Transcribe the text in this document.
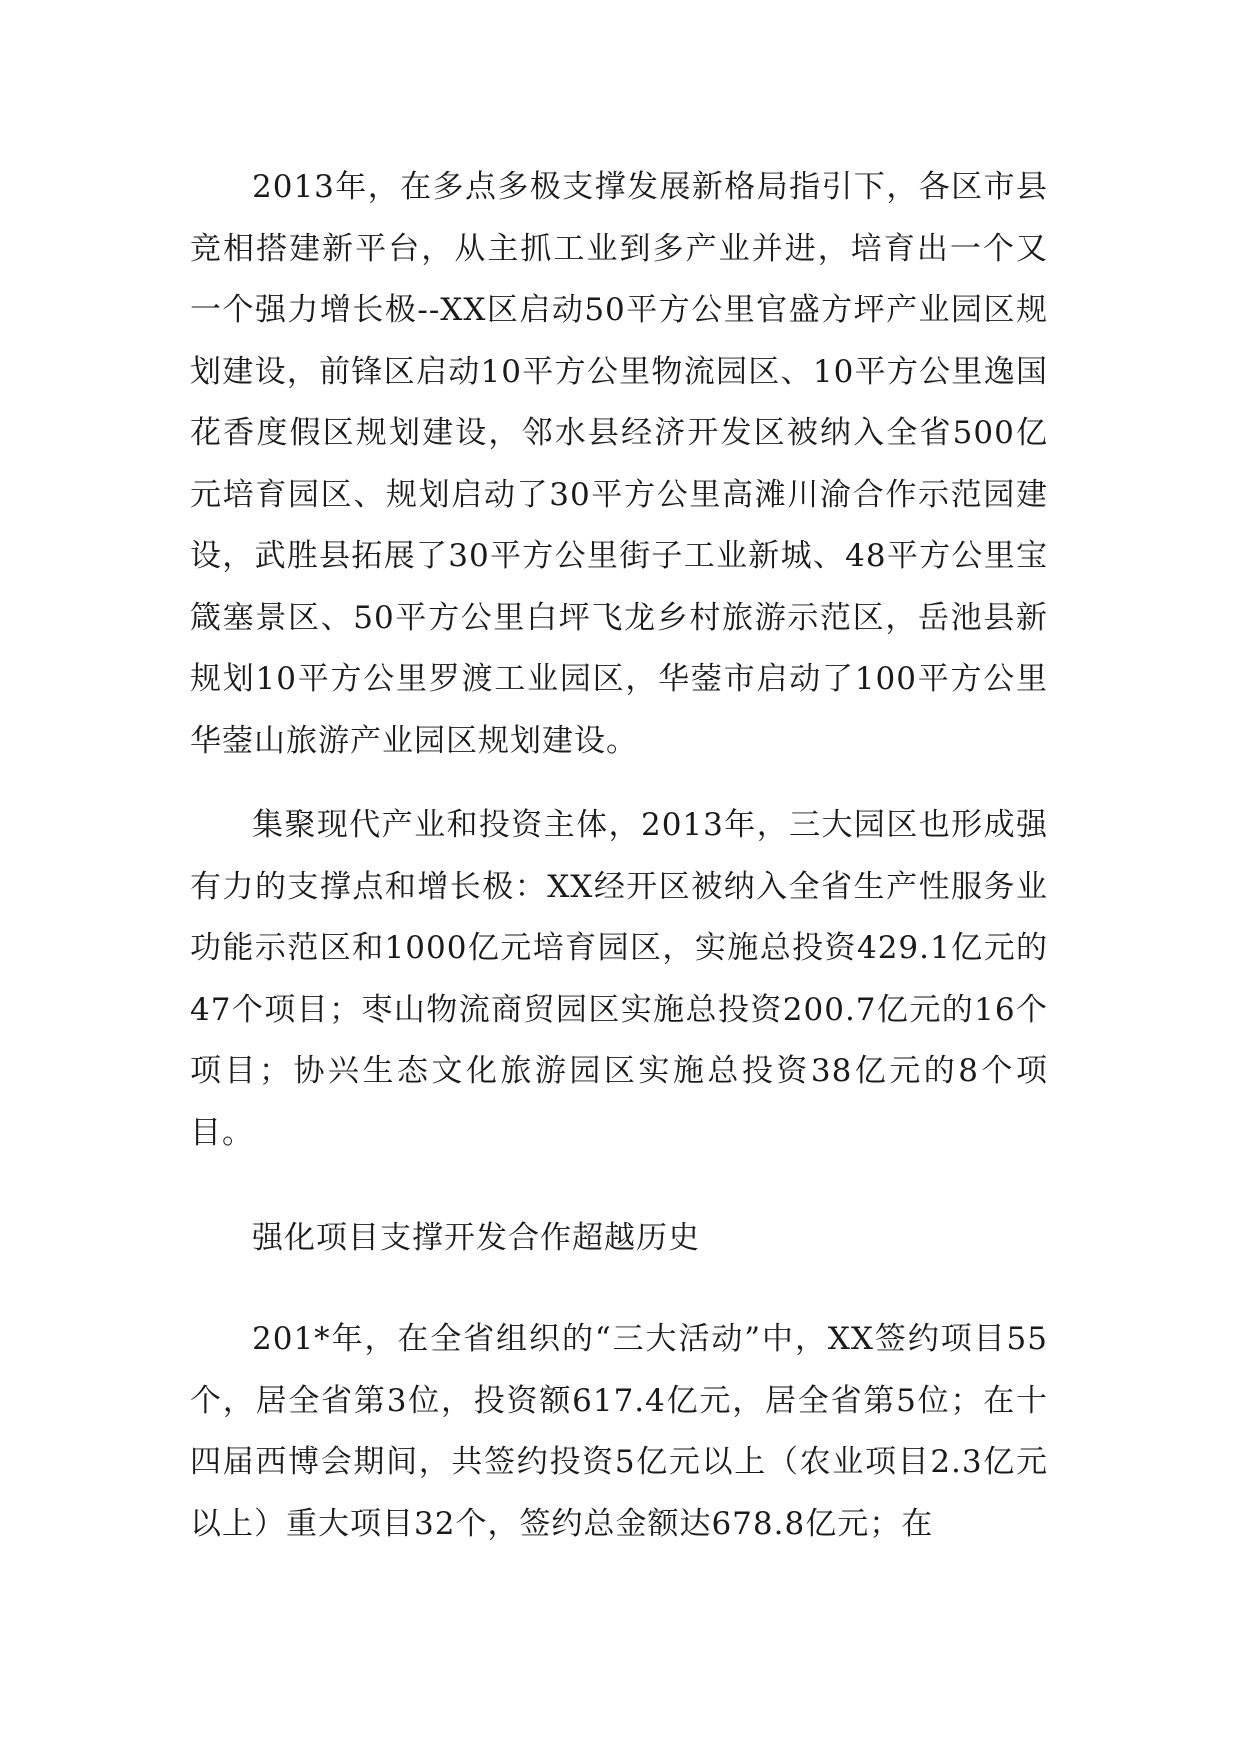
2013年，在多点多极支撑发展新格局指引下，各区市县竞相搭建新平台，从主抓工业到多产业并进，培育出一个又一个强力增长极--XX区启动50平方公里官盛方坪产业园区规划建设，前锋区启动10平方公里物流园区、10平方公里逸国花香度假区规划建设，邻水县经济开发区被纳入全省500亿元培育园区、规划启动了30平方公里高滩川渝合作示范园建设，武胜县拓展了30平方公里街子工业新城、48平方公里宝箴塞景区、50平方公里白坪飞龙乡村旅游示范区，岳池县新规划10平方公里罗渡工业园区，华蓥市启动了100平方公里华蓥山旅游产业园区规划建设。

集聚现代产业和投资主体，2013年，三大园区也形成强有力的支撑点和增长极：XX经开区被纳入全省生产性服务业功能示范区和1000亿元培育园区，实施总投资429.1亿元的47个项目；枣山物流商贸园区实施总投资200.7亿元的16个项目；协兴生态文化旅游园区实施总投资38亿元的8个项目。

强化项目支撑开发合作超越历史

201*年，在全省组织的“三大活动”中，XX签约项目55个，居全省第3位，投资额617.4亿元，居全省第5位；在十四届西博会期间，共签约投资5亿元以上（农业项目2.3亿元以上）重大项目32个，签约总金额达678.8亿元；在
